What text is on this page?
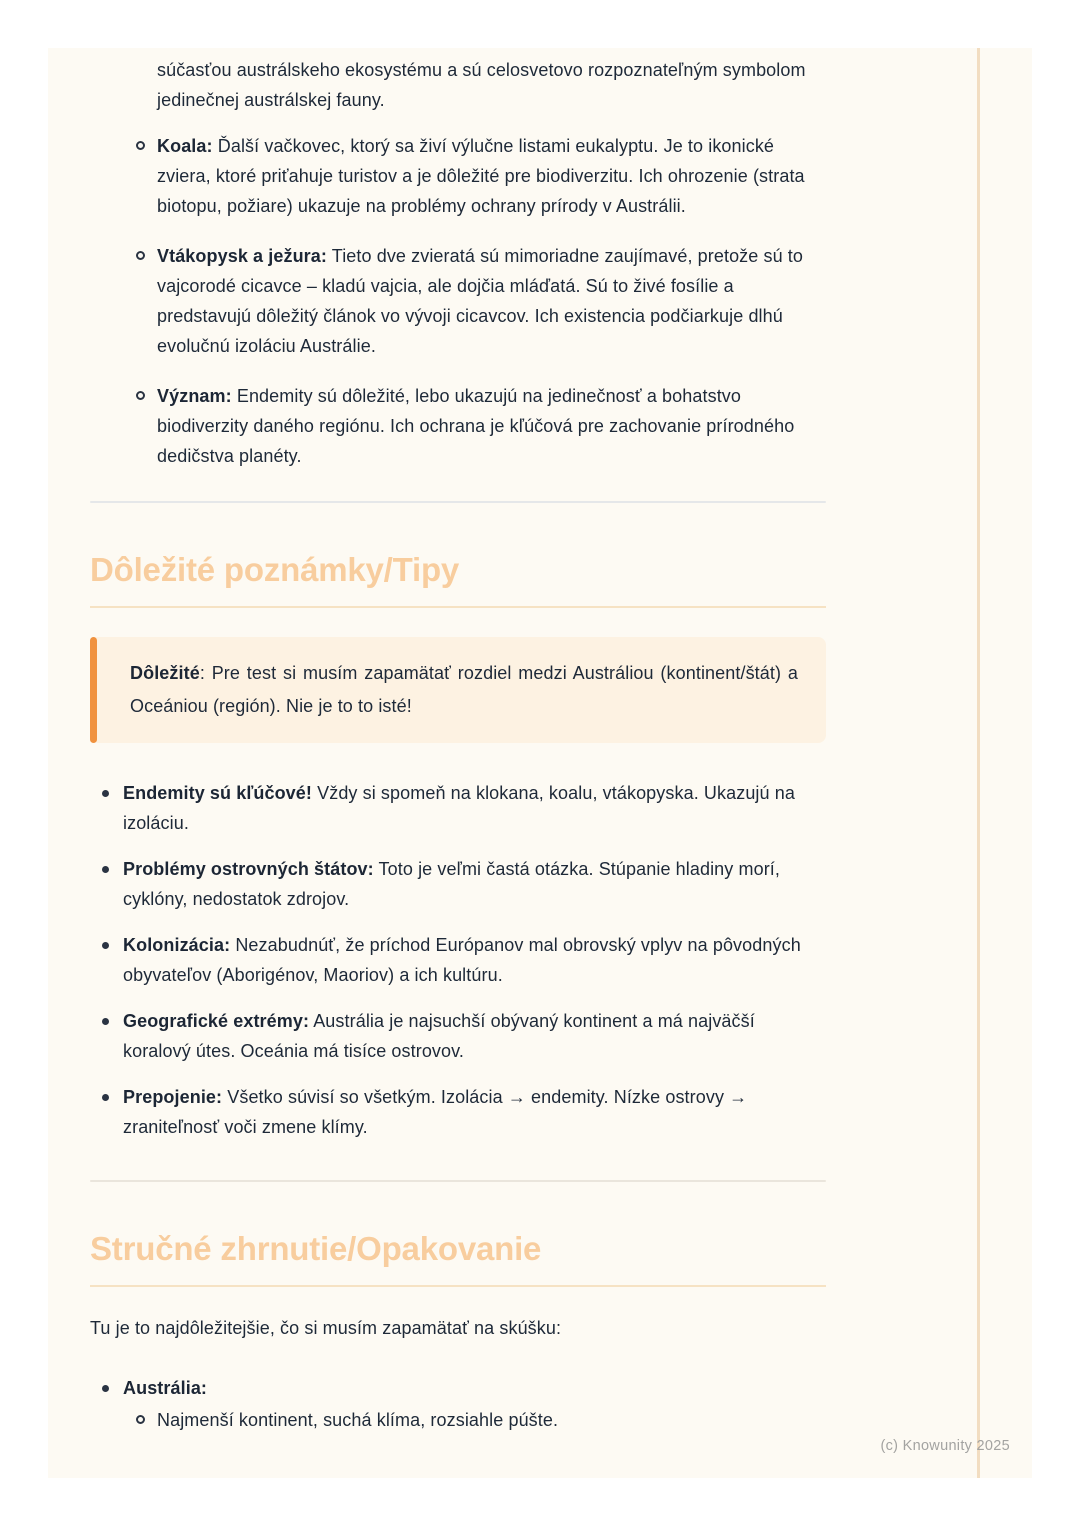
súčasťou austrálskeho ekosystému a sú celosvetovo rozpoznateľným symbolom jedinečnej austrálskej fauny.

Koala: Ďalší vačkovec, ktorý sa živí výlučne listami eukalyptu. Je to ikonické zviera, ktoré priťahuje turistov a je dôležité pre biodiverzitu. Ich ohrozenie (strata biotopu, požiare) ukazuje na problémy ochrany prírody v Austrálii.
Vtákopysk a ježura: Tieto dve zvieratá sú mimoriadne zaujímavé, pretože sú to vajcorodé cicavce – kladú vajcia, ale dojčia mláďatá. Sú to živé fosílie a predstavujú dôležitý článok vo vývoji cicavcov. Ich existencia podčiarkuje dlhú evolučnú izoláciu Austrálie.
Význam: Endemity sú dôležité, lebo ukazujú na jedinečnosť a bohatstvo biodiverzity daného regiónu. Ich ochrana je kľúčová pre zachovanie prírodného dedičstva planéty.
Dôležité poznámky/Tipy

Dôležité: Pre test si musím zapamätať rozdiel medzi Austráliou (kontinent/štát) a Oceániou (región). Nie je to to isté!

Endemity sú kľúčové! Vždy si spomeň na klokana, koalu, vtákopyska. Ukazujú na izoláciu.
Problémy ostrovných štátov: Toto je veľmi častá otázka. Stúpanie hladiny morí, cyklóny, nedostatok zdrojov.
Kolonizácia: Nezabudnúť, že príchod Európanov mal obrovský vplyv na pôvodných obyvateľov (Aborigénov, Maoriov) a ich kultúru.
Geografické extrémy: Austrália je najsuchší obývaný kontinent a má najväčší koralový útes. Oceánia má tisíce ostrovov.
Prepojenie: Všetko súvisí so všetkým. Izolácia → endemity. Nízke ostrovy → zraniteľnosť voči zmene klímy.
Stručné zhrnutie/Opakovanie

Tu je to najdôležitejšie, čo si musím zapamätať na skúšku:

Austrália:
Najmenší kontinent, suchá klíma, rozsiahle púšte.
(c) Knowunity 2025
